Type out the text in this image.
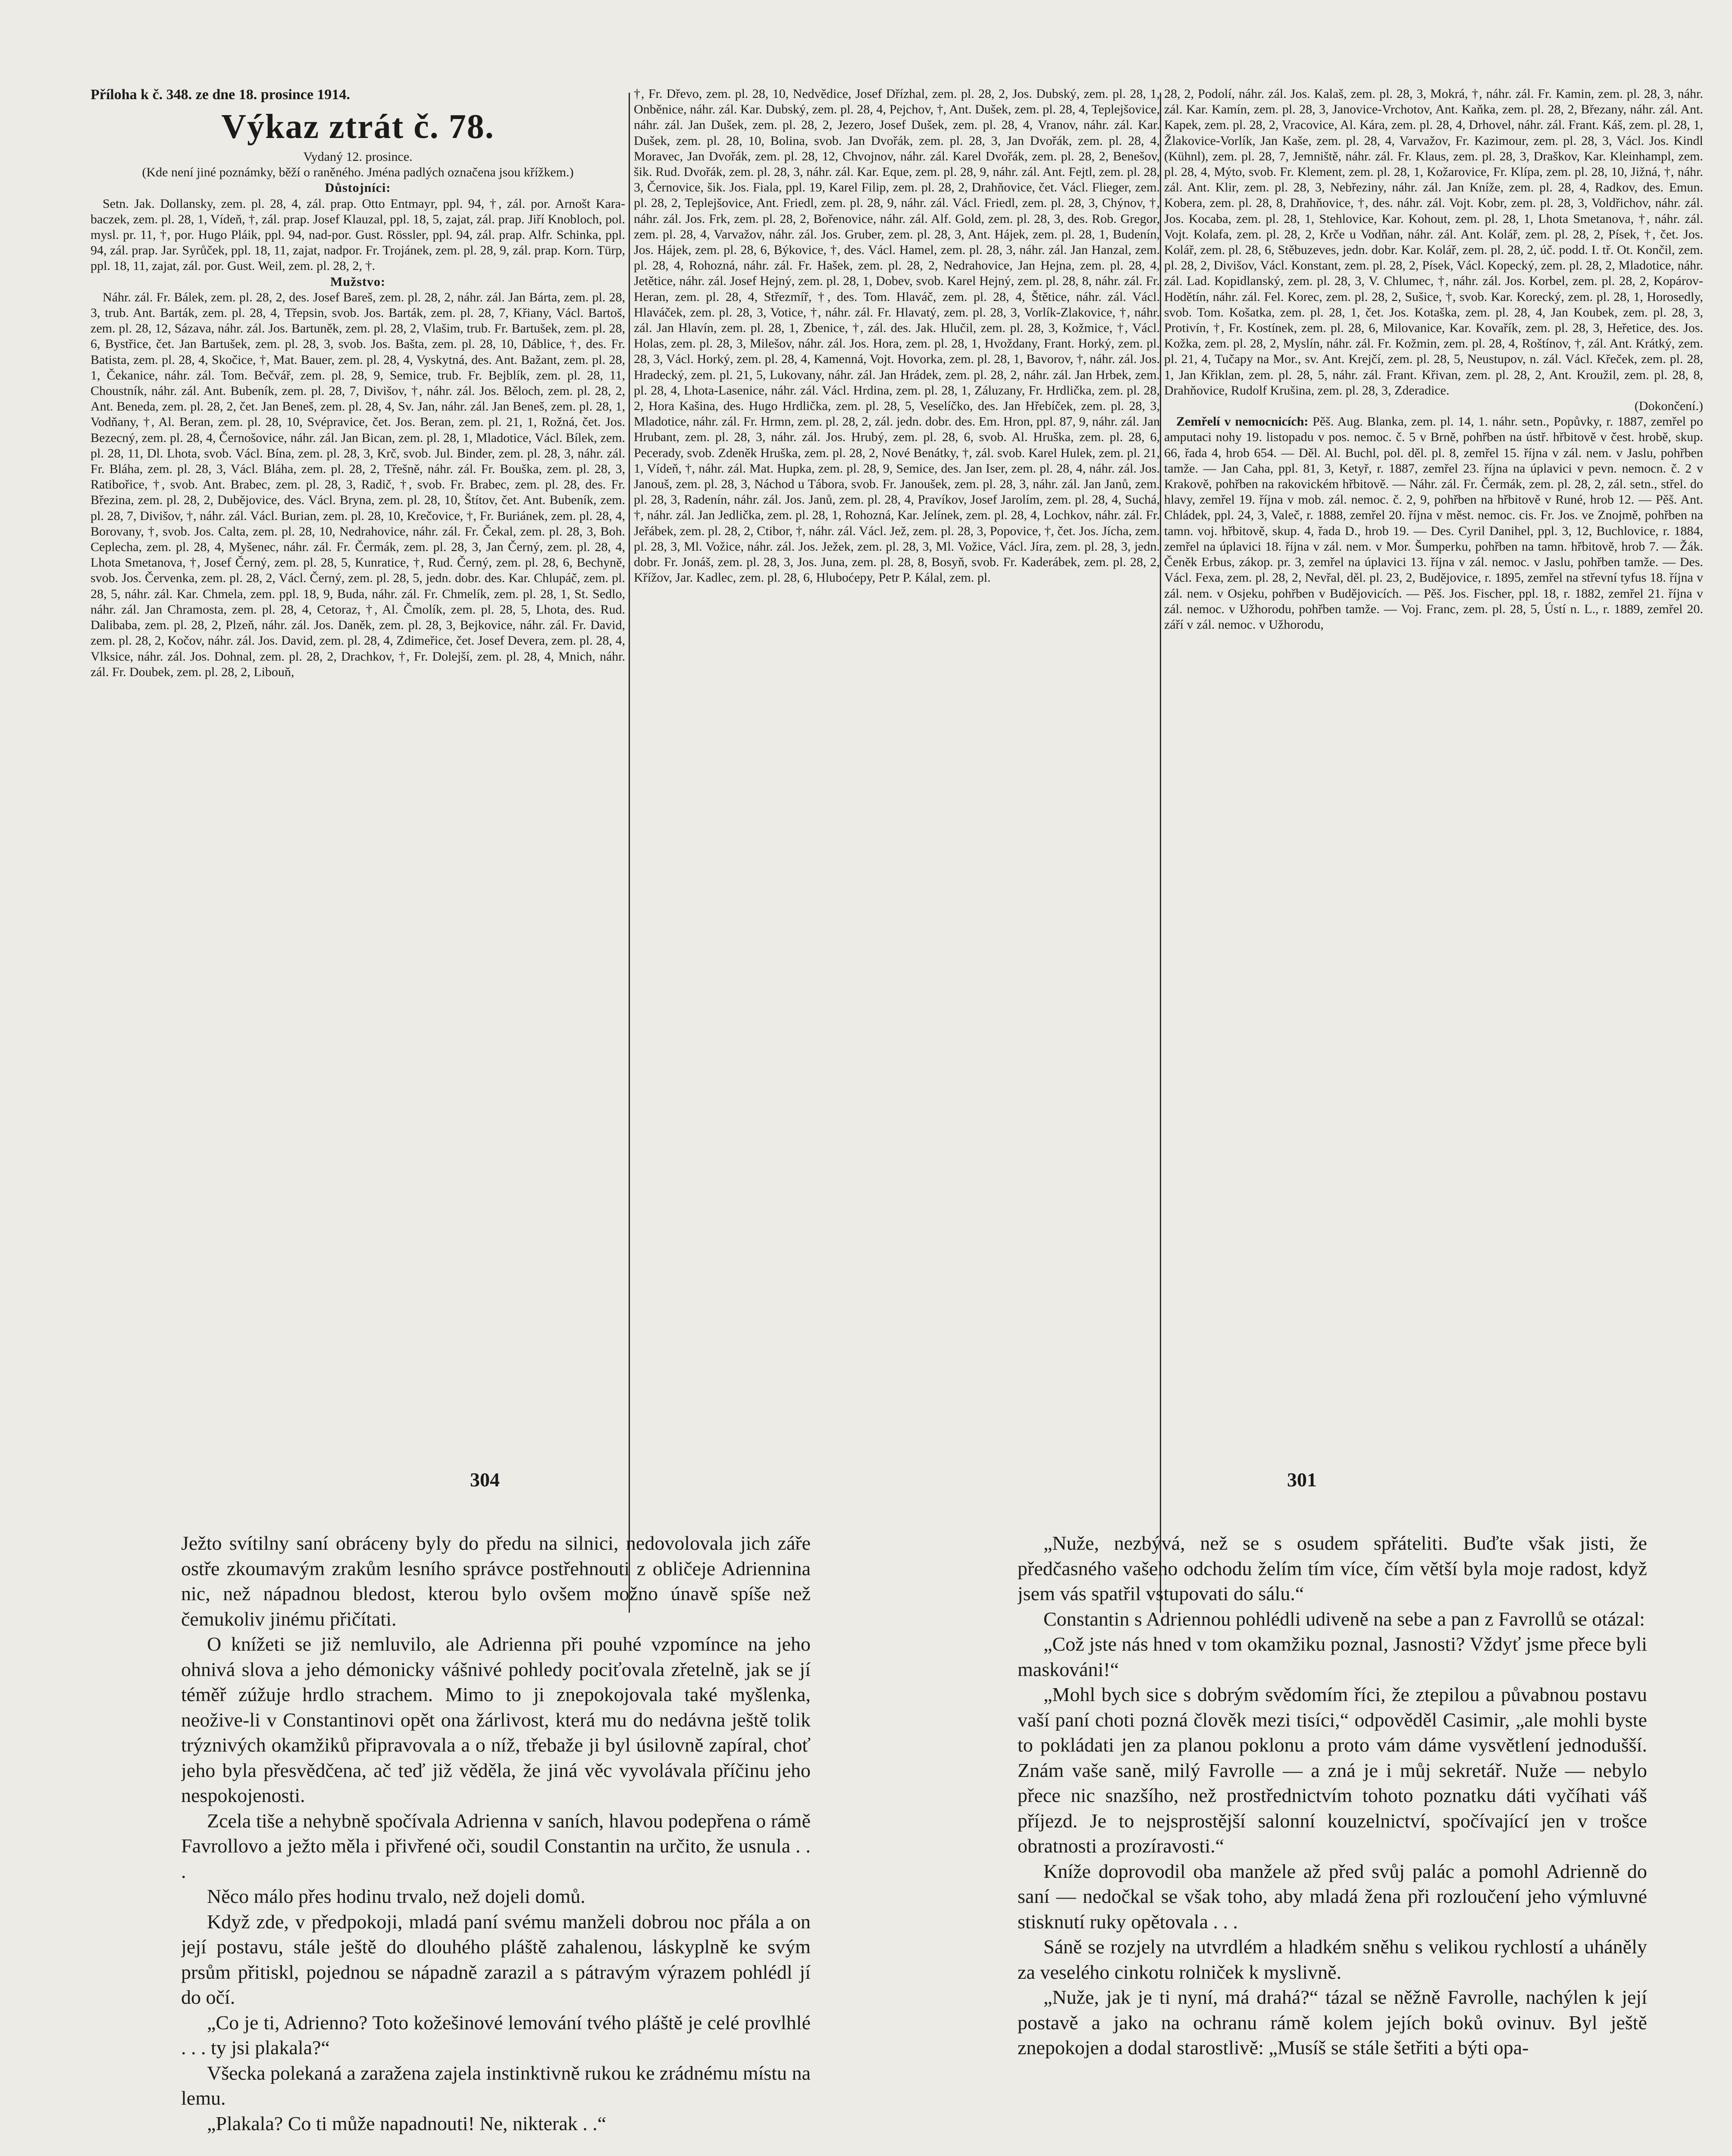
Příloha k č. 348. ze dne 18. prosince 1914.

Výkaz ztrát č. 78.

Vydaný 12. prosince.

(Kde není jiné poznámky, běží o raněného. Jména padlých označena jsou křížkem.)

Důstojníci:

Setn. Jak. Dollansky, zem. pl. 28, 4, zál. prap. Otto Entmayr, ppl. 94, †, zál. por. Arnošt Kara-baczek, zem. pl. 28, 1, Vídeň, †, zál. prap. Josef Klauzal, ppl. 18, 5, zajat, zál. prap. Jiří Knobloch, pol. mysl. pr. 11, †, por. Hugo Pláik, ppl. 94, nad-por. Gust. Rössler, ppl. 94, zál. prap. Alfr. Schinka, ppl. 94, zál. prap. Jar. Syrůček, ppl. 18, 11, zajat, nadpor. Fr. Trojánek, zem. pl. 28, 9, zál. prap. Korn. Türp, ppl. 18, 11, zajat, zál. por. Gust. Weil, zem. pl. 28, 2, †.

Mužstvo:

Náhr. zál. Fr. Bálek, zem. pl. 28, 2, des. Josef Bareš, zem. pl. 28, 2, náhr. zál. Jan Bárta, zem. pl. 28, 3, trub. Ant. Barták, zem. pl. 28, 4, Třepsin, svob. Jos. Barták, zem. pl. 28, 7, Křiany, Václ. Bartoš, zem. pl. 28, 12, Sázava, náhr. zál. Jos. Bartuněk, zem. pl. 28, 2, Vlašim, trub. Fr. Bartušek, zem. pl. 28, 6, Bystřice, čet. Jan Bartušek, zem. pl. 28, 3, svob. Jos. Bašta, zem. pl. 28, 10, Dáblice, †, des. Fr. Batista, zem. pl. 28, 4, Skočice, †, Mat. Bauer, zem. pl. 28, 4, Vyskytná, des. Ant. Bažant, zem. pl. 28, 1, Čekanice, náhr. zál. Tom. Bečvář, zem. pl. 28, 9, Semice, trub. Fr. Bejblík, zem. pl. 28, 11, Choustník, náhr. zál. Ant. Bubeník, zem. pl. 28, 7, Divišov, †, náhr. zál. Jos. Běloch, zem. pl. 28, 2, Ant. Beneda, zem. pl. 28, 2, čet. Jan Beneš, zem. pl. 28, 4, Sv. Jan, náhr. zál. Jan Beneš, zem. pl. 28, 1, Vodňany, †, Al. Beran, zem. pl. 28, 10, Svépravice, čet. Jos. Beran, zem. pl. 21, 1, Rožná, čet. Jos. Bezecný, zem. pl. 28, 4, Černošovice, náhr. zál. Jan Bican, zem. pl. 28, 1, Mladotice, Václ. Bílek, zem. pl. 28, 11, Dl. Lhota, svob. Václ. Bína, zem. pl. 28, 3, Krč, svob. Jul. Binder, zem. pl. 28, 3, náhr. zál. Fr. Bláha, zem. pl. 28, 3, Václ. Bláha, zem. pl. 28, 2, Třešně, náhr. zál. Fr. Bouška, zem. pl. 28, 3, Ratibořice, †, svob. Ant. Brabec, zem. pl. 28, 3, Radič, †, svob. Fr. Brabec, zem. pl. 28, des. Fr. Březina, zem. pl. 28, 2, Dubějovice, des. Václ. Bryna, zem. pl. 28, 10, Štítov, čet. Ant. Bubeník, zem. pl. 28, 7, Divišov, †, náhr. zál. Václ. Burian, zem. pl. 28, 10, Krečovice, †, Fr. Buriánek, zem. pl. 28, 4, Borovany, †, svob. Jos. Calta, zem. pl. 28, 10, Nedrahovice, náhr. zál. Fr. Čekal, zem. pl. 28, 3, Boh. Ceplecha, zem. pl. 28, 4, Myšenec, náhr. zál. Fr. Čermák, zem. pl. 28, 3, Jan Černý, zem. pl. 28, 4, Lhota Smetanova, †, Josef Černý, zem. pl. 28, 5, Kunratice, †, Rud. Černý, zem. pl. 28, 6, Bechyně, svob. Jos. Červenka, zem. pl. 28, 2, Václ. Černý, zem. pl. 28, 5, jedn. dobr. des. Kar. Chlupáč, zem. pl. 28, 5, náhr. zál. Kar. Chmela, zem. ppl. 18, 9, Buda, náhr. zál. Fr. Chmelík, zem. pl. 28, 1, St. Sedlo, náhr. zál. Jan Chramosta, zem. pl. 28, 4, Cetoraz, †, Al. Čmolík, zem. pl. 28, 5, Lhota, des. Rud. Dalibaba, zem. pl. 28, 2, Plzeň, náhr. zál. Jos. Daněk, zem. pl. 28, 3, Bejkovice, náhr. zál. Fr. David, zem. pl. 28, 2, Kočov, náhr. zál. Jos. David, zem. pl. 28, 4, Zdimeřice, čet. Josef Devera, zem. pl. 28, 4, Vlksice, náhr. zál. Jos. Dohnal, zem. pl. 28, 2, Drachkov, †, Fr. Dolejší, zem. pl. 28, 4, Mnich, náhr. zál. Fr. Doubek, zem. pl. 28, 2, Libouň,

†, Fr. Dřevo, zem. pl. 28, 10, Nedvědice, Josef Dřízhal, zem. pl. 28, 2, Jos. Dubský, zem. pl. 28, 1, Onběnice, náhr. zál. Kar. Dubský, zem. pl. 28, 4, Pejchov, †, Ant. Dušek, zem. pl. 28, 4, Teplejšovice, náhr. zál. Jan Dušek, zem. pl. 28, 2, Jezero, Josef Dušek, zem. pl. 28, 4, Vranov, náhr. zál. Kar. Dušek, zem. pl. 28, 10, Bolina, svob. Jan Dvořák, zem. pl. 28, 3, Jan Dvořák, zem. pl. 28, 4, Moravec, Jan Dvořák, zem. pl. 28, 12, Chvojnov, náhr. zál. Karel Dvořák, zem. pl. 28, 2, Benešov, šik. Rud. Dvořák, zem. pl. 28, 3, náhr. zál. Kar. Eque, zem. pl. 28, 9, náhr. zál. Ant. Fejtl, zem. pl. 28, 3, Černovice, šik. Jos. Fiala, ppl. 19, Karel Filip, zem. pl. 28, 2, Drahňovice, čet. Václ. Flieger, zem. pl. 28, 2, Teplejšovice, Ant. Friedl, zem. pl. 28, 9, náhr. zál. Václ. Friedl, zem. pl. 28, 3, Chýnov, †, náhr. zál. Jos. Frk, zem. pl. 28, 2, Bořenovice, náhr. zál. Alf. Gold, zem. pl. 28, 3, des. Rob. Gregor, zem. pl. 28, 4, Varvažov, náhr. zál. Jos. Gruber, zem. pl. 28, 3, Ant. Hájek, zem. pl. 28, 1, Budenín, Jos. Hájek, zem. pl. 28, 6, Býkovice, †, des. Václ. Hamel, zem. pl. 28, 3, náhr. zál. Jan Hanzal, zem. pl. 28, 4, Rohozná, náhr. zál. Fr. Hašek, zem. pl. 28, 2, Nedrahovice, Jan Hejna, zem. pl. 28, 4, Jetětice, náhr. zál. Josef Hejný, zem. pl. 28, 1, Dobev, svob. Karel Hejný, zem. pl. 28, 8, náhr. zál. Fr. Heran, zem. pl. 28, 4, Střezmíř, †, des. Tom. Hlaváč, zem. pl. 28, 4, Štětice, náhr. zál. Václ. Hlaváček, zem. pl. 28, 3, Votice, †, náhr. zál. Fr. Hlavatý, zem. pl. 28, 3, Vorlík-Zlakovice, †, náhr. zál. Jan Hlavín, zem. pl. 28, 1, Zbenice, †, zál. des. Jak. Hlučil, zem. pl. 28, 3, Kožmice, †, Václ. Holas, zem. pl. 28, 3, Milešov, náhr. zál. Jos. Hora, zem. pl. 28, 1, Hvoždany, Frant. Horký, zem. pl. 28, 3, Václ. Horký, zem. pl. 28, 4, Kamenná, Vojt. Hovorka, zem. pl. 28, 1, Bavorov, †, náhr. zál. Jos. Hradecký, zem. pl. 21, 5, Lukovany, náhr. zál. Jan Hrádek, zem. pl. 28, 2, náhr. zál. Jan Hrbek, zem. pl. 28, 4, Lhota-Lasenice, náhr. zál. Václ. Hrdina, zem. pl. 28, 1, Záluzany, Fr. Hrdlička, zem. pl. 28, 2, Hora Kašina, des. Hugo Hrdlička, zem. pl. 28, 5, Veselíčko, des. Jan Hřebíček, zem. pl. 28, 3, Mladotice, náhr. zál. Fr. Hrmn, zem. pl. 28, 2, zál. jedn. dobr. des. Em. Hron, ppl. 87, 9, náhr. zál. Jan Hrubant, zem. pl. 28, 3, náhr. zál. Jos. Hrubý, zem. pl. 28, 6, svob. Al. Hruška, zem. pl. 28, 6, Pecerady, svob. Zdeněk Hruška, zem. pl. 28, 2, Nové Benátky, †, zál. svob. Karel Hulek, zem. pl. 21, 1, Vídeň, †, náhr. zál. Mat. Hupka, zem. pl. 28, 9, Semice, des. Jan Iser, zem. pl. 28, 4, náhr. zál. Jos. Janouš, zem. pl. 28, 3, Náchod u Tábora, svob. Fr. Janoušek, zem. pl. 28, 3, náhr. zál. Jan Janů, zem. pl. 28, 3, Radenín, náhr. zál. Jos. Janů, zem. pl. 28, 4, Pravíkov, Josef Jarolím, zem. pl. 28, 4, Suchá, †, náhr. zál. Jan Jedlička, zem. pl. 28, 1, Rohozná, Kar. Jelínek, zem. pl. 28, 4, Lochkov, náhr. zál. Fr. Jeřábek, zem. pl. 28, 2, Ctibor, †, náhr. zál. Václ. Jež, zem. pl. 28, 3, Popovice, †, čet. Jos. Jícha, zem. pl. 28, 3, Ml. Vožice, náhr. zál. Jos. Ježek, zem. pl. 28, 3, Ml. Vožice, Václ. Jíra, zem. pl. 28, 3, jedn. dobr. Fr. Jonáš, zem. pl. 28, 3, Jos. Juna, zem. pl. 28, 8, Bosyň, svob. Fr. Kaderábek, zem. pl. 28, 2, Křížov, Jar. Kadlec, zem. pl. 28, 6, Hluboćepy, Petr P. Kálal, zem. pl.

28, 2, Podolí, náhr. zál. Jos. Kalaš, zem. pl. 28, 3, Mokrá, †, náhr. zál. Fr. Kamin, zem. pl. 28, 3, náhr. zál. Kar. Kamín, zem. pl. 28, 3, Janovice-Vrchotov, Ant. Kaňka, zem. pl. 28, 2, Březany, náhr. zál. Ant. Kapek, zem. pl. 28, 2, Vracovice, Al. Kára, zem. pl. 28, 4, Drhovel, náhr. zál. Frant. Káš, zem. pl. 28, 1, Žlakovice-Vorlík, Jan Kaše, zem. pl. 28, 4, Varvažov, Fr. Kazimour, zem. pl. 28, 3, Václ. Jos. Kindl (Kühnl), zem. pl. 28, 7, Jemniště, náhr. zál. Fr. Klaus, zem. pl. 28, 3, Draškov, Kar. Kleinhampl, zem. pl. 28, 4, Mýto, svob. Fr. Klement, zem. pl. 28, 1, Kožarovice, Fr. Klípa, zem. pl. 28, 10, Jižná, †, náhr. zál. Ant. Klir, zem. pl. 28, 3, Nebřeziny, náhr. zál. Jan Kníže, zem. pl. 28, 4, Radkov, des. Emun. Kobera, zem. pl. 28, 8, Drahňovice, †, des. náhr. zál. Vojt. Kobr, zem. pl. 28, 3, Voldřichov, náhr. zál. Jos. Kocaba, zem. pl. 28, 1, Stehlovice, Kar. Kohout, zem. pl. 28, 1, Lhota Smetanova, †, náhr. zál. Vojt. Kolafa, zem. pl. 28, 2, Krče u Vodňan, náhr. zál. Ant. Kolář, zem. pl. 28, 2, Písek, †, čet. Jos. Kolář, zem. pl. 28, 6, Stěbuzeves, jedn. dobr. Kar. Kolář, zem. pl. 28, 2, úč. podd. I. tř. Ot. Končil, zem. pl. 28, 2, Divišov, Václ. Konstant, zem. pl. 28, 2, Písek, Václ. Kopecký, zem. pl. 28, 2, Mladotice, náhr. zál. Lad. Kopidlanský, zem. pl. 28, 3, V. Chlumec, †, náhr. zál. Jos. Korbel, zem. pl. 28, 2, Kopárov-Hodětín, náhr. zál. Fel. Korec, zem. pl. 28, 2, Sušice, †, svob. Kar. Korecký, zem. pl. 28, 1, Horosedly, svob. Tom. Košatka, zem. pl. 28, 1, čet. Jos. Kotaška, zem. pl. 28, 4, Jan Koubek, zem. pl. 28, 3, Protivín, †, Fr. Kostínek, zem. pl. 28, 6, Milovanice, Kar. Kovařík, zem. pl. 28, 3, Heřetice, des. Jos. Kožka, zem. pl. 28, 2, Myslín, náhr. zál. Fr. Kožmin, zem. pl. 28, 4, Roštínov, †, zál. Ant. Krátký, zem. pl. 21, 4, Tučapy na Mor., sv. Ant. Krejčí, zem. pl. 28, 5, Neustupov, n. zál. Václ. Křeček, zem. pl. 28, 1, Jan Křiklan, zem. pl. 28, 5, náhr. zál. Frant. Křivan, zem. pl. 28, 2, Ant. Kroužil, zem. pl. 28, 8, Drahňovice, Rudolf Krušina, zem. pl. 28, 3, Zderadice.

(Dokončení.)

Zemřelí v nemocnicích: Pěš. Aug. Blanka, zem. pl. 14, 1. náhr. setn., Popůvky, r. 1887, zemřel po amputaci nohy 19. listopadu v pos. nemoc. č. 5 v Brně, pohřben na ústř. hřbitově v čest. hrobě, skup. 66, řada 4, hrob 654. — Děl. Al. Buchl, pol. děl. pl. 8, zemřel 15. října v zál. nem. v Jaslu, pohřben tamže. — Jan Caha, ppl. 81, 3, Ketyř, r. 1887, zemřel 23. října na úplavici v pevn. nemocn. č. 2 v Krakově, pohřben na rakovickém hřbitově. — Náhr. zál. Fr. Čermák, zem. pl. 28, 2, zál. setn., střel. do hlavy, zemřel 19. října v mob. zál. nemoc. č. 2, 9, pohřben na hřbitově v Runé, hrob 12. — Pěš. Ant. Chládek, ppl. 24, 3, Valeč, r. 1888, zemřel 20. října v měst. nemoc. cis. Fr. Jos. ve Znojmě, pohřben na tamn. voj. hřbitově, skup. 4, řada D., hrob 19. — Des. Cyril Danihel, ppl. 3, 12, Buchlovice, r. 1884, zemřel na úplavici 18. října v zál. nem. v Mor. Šumperku, pohřben na tamn. hřbitově, hrob 7. — Žák. Čeněk Erbus, zákop. pr. 3, zemřel na úplavici 13. října v zál. nemoc. v Jaslu, pohřben tamže. — Des. Václ. Fexa, zem. pl. 28, 2, Nevřal, děl. pl. 23, 2, Budějovice, r. 1895, zemřel na střevní tyfus 18. října v zál. nem. v Osjeku, pohřben v Budějovicích. — Pěš. Jos. Fischer, ppl. 18, r. 1882, zemřel 21. října v zál. nemoc. v Užhorodu, pohřben tamže. — Voj. Franc, zem. pl. 28, 5, Ústí n. L., r. 1889, zemřel 20. září v zál. nemoc. v Užhorodu,

304	301

Ježto svítilny saní obráceny byly do předu na silnici, nedovolovala jich záře ostře zkoumavým zrakům lesního správce postřehnouti z obličeje Adriennina nic, než nápadnou bledost, kterou bylo ovšem možno únavě spíše než čemukoliv jinému přičítati.

O knížeti se již nemluvilo, ale Adrienna při pouhé vzpomínce na jeho ohnivá slova a jeho démonicky vášnivé pohledy pociťovala zřetelně, jak se jí téměř zúžuje hrdlo strachem. Mimo to ji znepokojovala také myšlenka, neožive-li v Constantinovi opět ona žárlivost, která mu do nedávna ještě tolik trýznivých okamžiků připravovala a o níž, třebaže ji byl úsilovně zapíral, choť jeho byla přesvědčena, ač teď již věděla, že jiná věc vyvolávala příčinu jeho nespokojenosti.

Zcela tiše a nehybně spočívala Adrienna v saních, hlavou podepřena o rámě Favrollovo a ježto měla i přivřené oči, soudil Constantin na určito, že usnula . . .

Něco málo přes hodinu trvalo, než dojeli domů.

Když zde, v předpokoji, mladá paní svému manželi dobrou noc přála a on její postavu, stále ještě do dlouhého pláště zahalenou, láskyplně ke svým prsům přitiskl, pojednou se nápadně zarazil a s pátravým výrazem pohlédl jí do očí.

„Co je ti, Adrienno? Toto kožešinové lemování tvého pláště je celé provlhlé . . . ty jsi plakala?“

Všecka polekaná a zaražena zajela instinktivně rukou ke zrádnému místu na lemu.

„Plakala? Co ti může napadnouti! Ne, nikterak . .“

„Nuže, nezbývá, než se s osudem spřáteliti. Buďte však jisti, že předčasného vašeho odchodu želím tím více, čím větší byla moje radost, když jsem vás spatřil vstupovati do sálu.“

Constantin s Adriennou pohlédli udiveně na sebe a pan z Favrollů se otázal:

„Což jste nás hned v tom okamžiku poznal, Jasnosti? Vždyť jsme přece byli maskováni!“

„Mohl bych sice s dobrým svědomím říci, že ztepilou a půvabnou postavu vaší paní choti pozná člověk mezi tisíci,“ odpověděl Casimir, „ale mohli byste to pokládati jen za planou poklonu a proto vám dáme vysvětlení jednodušší. Znám vaše saně, milý Favrolle — a zná je i můj sekretář. Nuže — nebylo přece nic snazšího, než prostřednictvím tohoto poznatku dáti vyčíhati váš příjezd. Je to nejsprostější salonní kouzelnictví, spočívající jen v trošce obratnosti a prozíravosti.“

Kníže doprovodil oba manžele až před svůj palác a pomohl Adrienně do saní — nedočkal se však toho, aby mladá žena při rozloučení jeho výmluvné stisknutí ruky opětovala . . .

Sáně se rozjely na utvrdlém a hladkém sněhu s velikou rychlostí a uháněly za veselého cinkotu rolniček k myslivně.

„Nuže, jak je ti nyní, má drahá?“ tázal se něžně Favrolle, nachýlen k její postavě a jako na ochranu rámě kolem jejích boků ovinuv. Byl ještě znepokojen a dodal starostlivě: „Musíš se stále šetřiti a býti opa-
